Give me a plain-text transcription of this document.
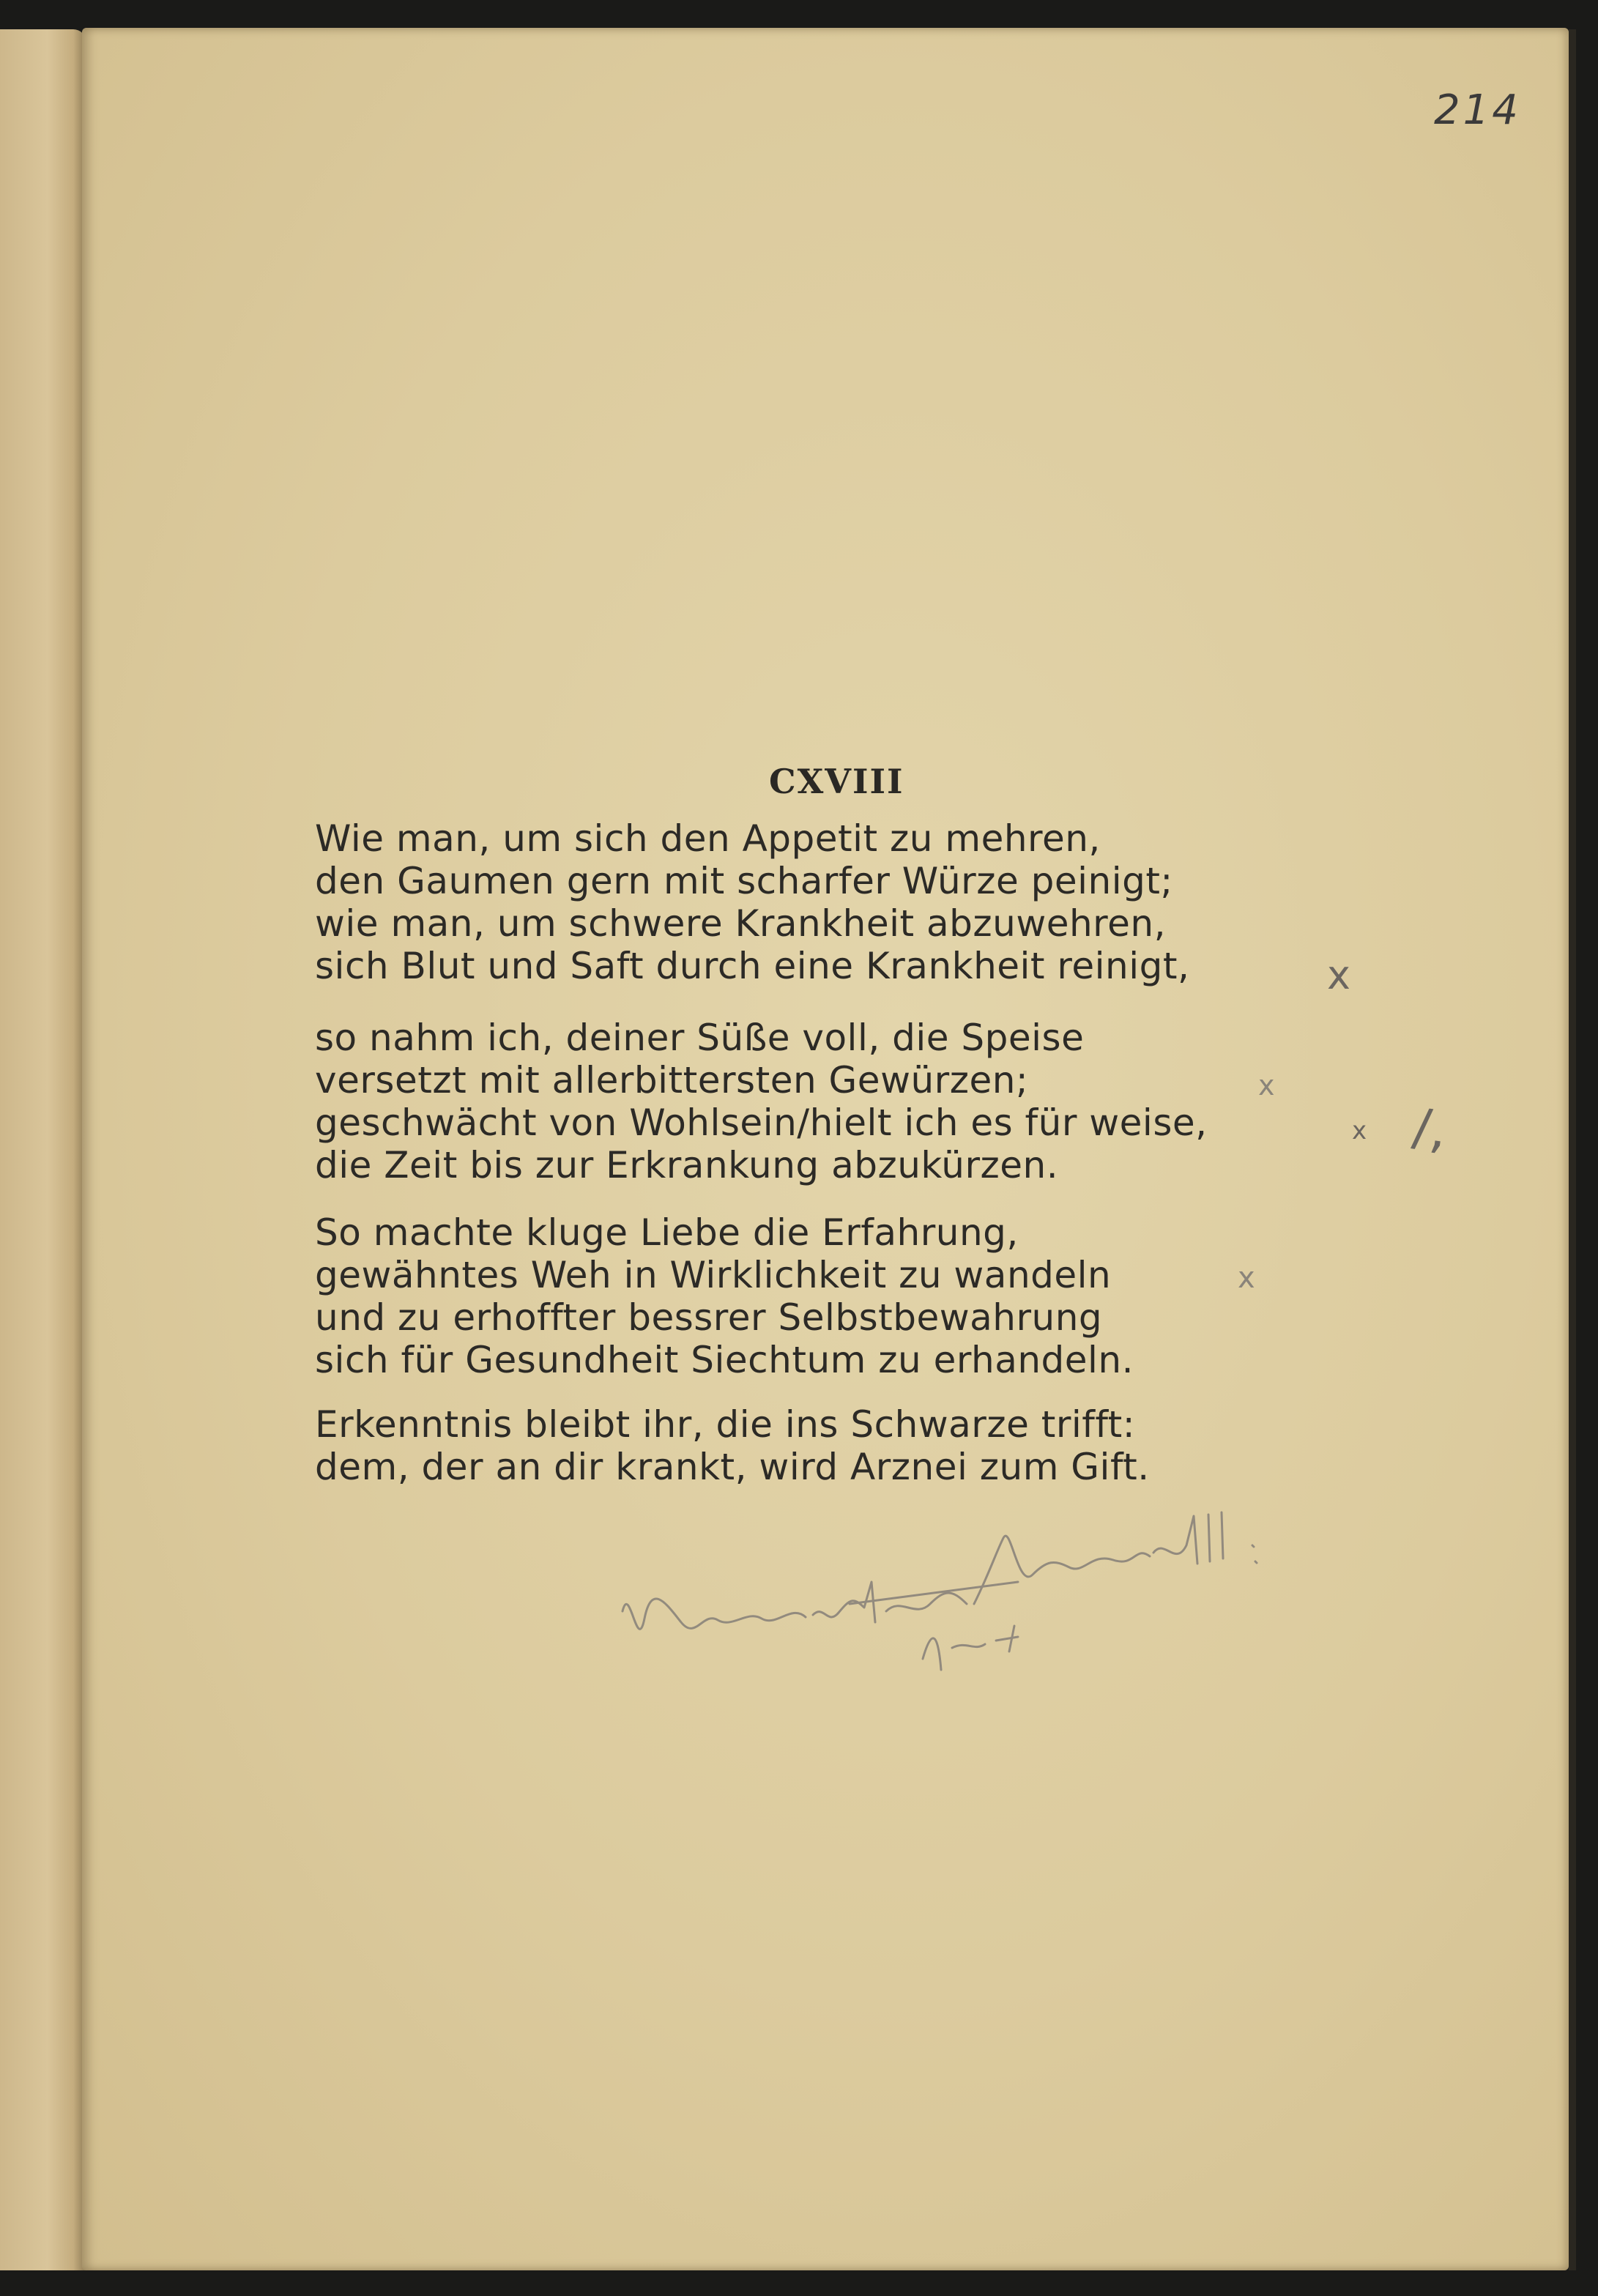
214
CXVIII
Wie man, um sich den Appetit zu mehren,
den Gaumen gern mit scharfer Würze peinigt;
wie man, um schwere Krankheit abzuwehren,
sich Blut und Saft durch eine Krankheit reinigt,
so nahm ich, deiner Süße voll, die Speise
versetzt mit allerbittersten Gewürzen;
geschwächt von Wohlsein/hielt ich es für weise,
die Zeit bis zur Erkrankung abzukürzen.
So machte kluge Liebe die Erfahrung,
gewähntes Weh in Wirklichkeit zu wandeln
und zu erhoffter bessrer Selbstbewahrung
sich für Gesundheit Siechtum zu erhandeln.
Erkenntnis bleibt ihr, die ins Schwarze trifft:
dem, der an dir krankt, wird Arznei zum Gift.
x
x
x /,
x
